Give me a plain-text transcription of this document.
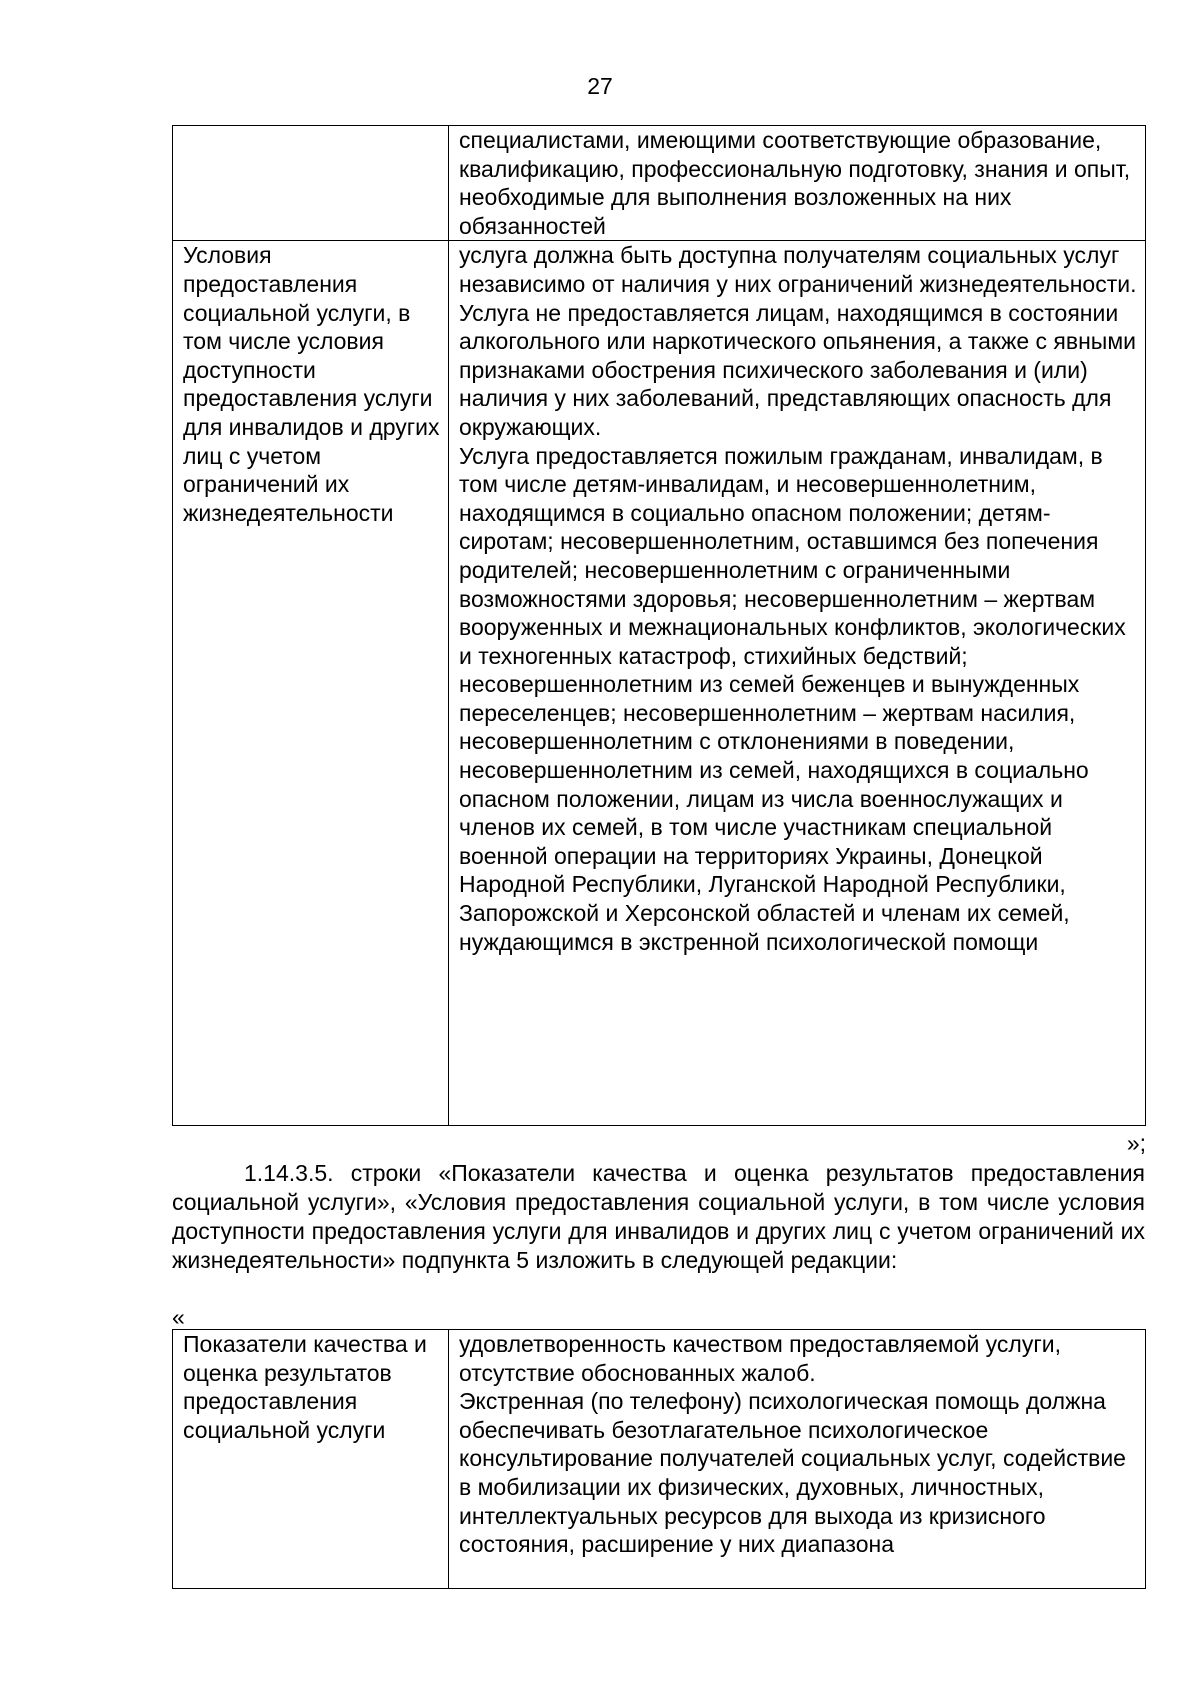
27
	специалистами, имеющими соответствующие образование, квалификацию, профессиональную подготовку, знания и опыт, необходимые для выполнения возложенных на них обязанностей
Условия предоставления социальной услуги, в том числе условия доступности предоставления услуги для инвалидов и других лиц с учетом ограничений их жизнедеятельности	услуга должна быть доступна получателям социальных услуг независимо от наличия у них ограничений жизнедеятельности.
Услуга не предоставляется лицам, находящимся в состоянии алкогольного или наркотического опьянения, а также с явными признаками обострения психического заболевания и (или) наличия у них заболеваний, представляющих опасность для окружающих.
Услуга предоставляется пожилым гражданам, инвалидам, в том числе детям-инвалидам, и несовершеннолетним, находящимся в социально опасном положении; детям-сиротам; несовершеннолетним, оставшимся без попечения родителей; несовершеннолетним с ограниченными возможностями здоровья; несовершеннолетним – жертвам вооруженных и межнациональных конфликтов, экологических и техногенных катастроф, стихийных бедствий; несовершеннолетним из семей беженцев и вынужденных переселенцев; несовершеннолетним – жертвам насилия, несовершеннолетним с отклонениями в поведении, несовершеннолетним из семей, находящихся в социально опасном положении, лицам из числа военнослужащих и членов их семей, в том числе участникам специальной военной операции на территориях Украины, Донецкой Народной Республики, Луганской Народной Республики, Запорожской и Херсонской областей и членам их семей, нуждающимся в экстренной психологической помощи
»;

1.14.3.5. строки «Показатели качества и оценка результатов предоставления социальной услуги», «Условия предоставления социальной услуги, в том числе условия доступности предоставления услуги для инвалидов и других лиц с учетом ограничений их жизнедеятельности» подпункта 5 изложить в следующей редакции:

«
Показатели качества и оценка результатов предоставления социальной услуги	удовлетворенность качеством предоставляемой услуги, отсутствие обоснованных жалоб.
Экстренная (по телефону) психологическая помощь должна обеспечивать безотлагательное психологическое консультирование получателей социальных услуг, содействие в мобилизации их физических, духовных, личностных, интеллектуальных ресурсов для выхода из кризисного состояния, расширение у них диапазона
